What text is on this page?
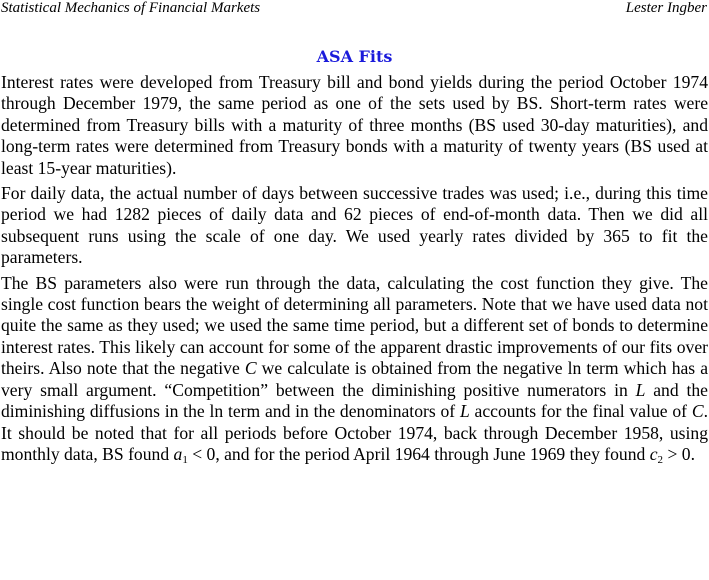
Statistical Mechanics of Financial Markets	Lester Ingber
ASA Fits

Interest rates were developed from Treasury bill and bond yields during the period October 1974 through December 1979, the same period as one of the sets used by BS. Short-term rates were determined from Treasury bills with a maturity of three months (BS used 30-day maturities), and long-term rates were determined from Treasury bonds with a maturity of twenty years (BS used at least 15-year maturities).

For daily data, the actual number of days between successive trades was used; i.e., during this time period we had 1282 pieces of daily data and 62 pieces of end-of-month data. Then we did all subsequent runs using the scale of one day. We used yearly rates divided by 365 to fit the parameters.

The BS parameters also were run through the data, calculating the cost function they give. The single cost function bears the weight of determining all parameters. Note that we have used data not quite the same as they used; we used the same time period, but a different set of bonds to determine interest rates. This likely can account for some of the apparent drastic improvements of our fits over theirs. Also note that the negative C we calculate is obtained from the negative ln term which has a very small argument. “Competition” between the diminishing positive numerators in L and the diminishing diffusions in the ln term and in the denominators of L accounts for the final value of C. It should be noted that for all periods before October 1974, back through December 1958, using monthly data, BS found $a_1 < 0$, and for the period April 1964 through June 1969 they found $c_2 > 0$.
